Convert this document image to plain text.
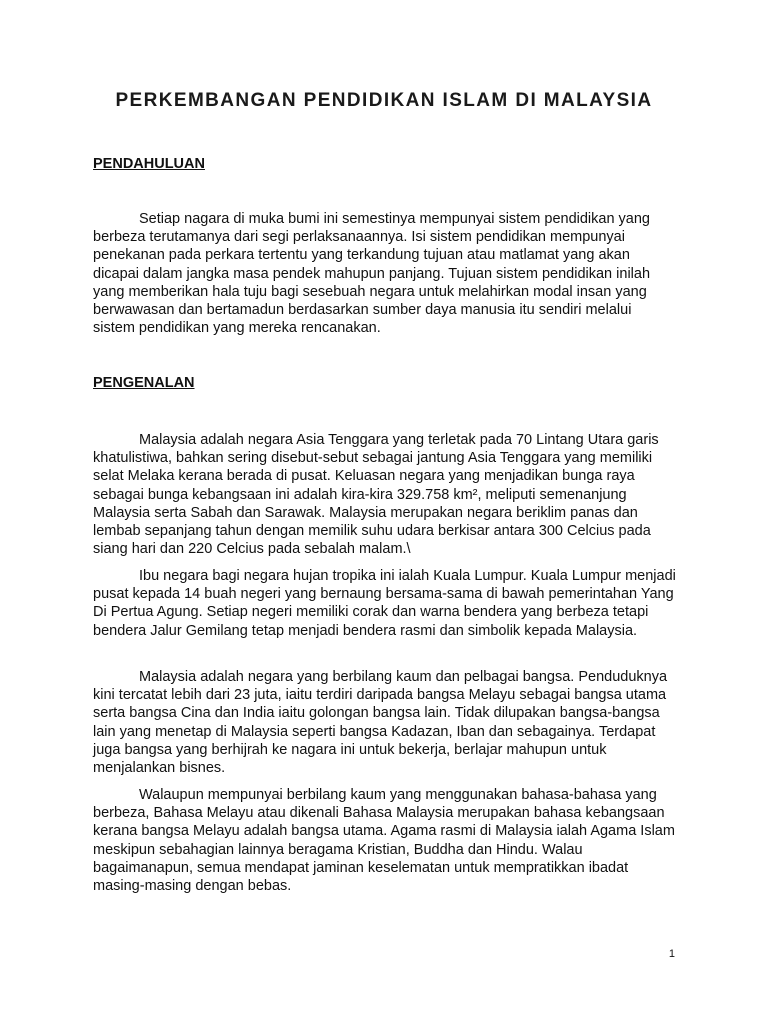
PERKEMBANGAN PENDIDIKAN ISLAM DI MALAYSIA
PENDAHULUAN

Setiap nagara di muka bumi ini semestinya mempunyai sistem pendidikan yang berbeza terutamanya dari segi perlaksanaannya. Isi sistem pendidikan mempunyai penekanan pada perkara tertentu yang terkandung tujuan atau matlamat yang akan dicapai dalam jangka masa pendek mahupun panjang. Tujuan sistem pendidikan inilah yang memberikan hala tuju bagi sesebuah negara untuk melahirkan modal insan yang berwawasan dan bertamadun berdasarkan sumber daya manusia itu sendiri melalui sistem pendidikan yang mereka rencanakan.

PENGENALAN

Malaysia adalah negara Asia Tenggara yang terletak pada 70 Lintang Utara garis khatulistiwa, bahkan sering disebut-sebut sebagai jantung Asia Tenggara yang memiliki selat Melaka kerana berada di pusat. Keluasan negara yang menjadikan bunga raya sebagai bunga kebangsaan ini adalah kira-kira 329.758 km², meliputi semenanjung Malaysia serta Sabah dan Sarawak. Malaysia merupakan negara beriklim panas dan lembab sepanjang tahun dengan memilik suhu udara berkisar antara 300 Celcius pada siang hari dan 220 Celcius pada sebalah malam.\

Ibu negara bagi negara hujan tropika ini ialah Kuala Lumpur. Kuala Lumpur menjadi pusat kepada 14 buah negeri yang bernaung bersama-sama di bawah pemerintahan Yang Di Pertua Agung. Setiap negeri memiliki corak dan warna bendera yang berbeza tetapi bendera Jalur Gemilang tetap menjadi bendera rasmi dan simbolik kepada Malaysia.

Malaysia adalah negara yang berbilang kaum dan pelbagai bangsa. Penduduknya kini tercatat lebih dari 23 juta, iaitu terdiri daripada bangsa Melayu sebagai bangsa utama serta bangsa Cina dan India iaitu golongan bangsa lain. Tidak dilupakan bangsa-bangsa lain yang menetap di Malaysia seperti bangsa Kadazan, Iban dan sebagainya. Terdapat juga bangsa yang berhijrah ke nagara ini untuk bekerja, berlajar mahupun untuk menjalankan bisnes.

Walaupun mempunyai berbilang kaum yang menggunakan bahasa-bahasa yang berbeza, Bahasa Melayu atau dikenali Bahasa Malaysia merupakan bahasa kebangsaan kerana bangsa Melayu adalah bangsa utama. Agama rasmi di Malaysia ialah Agama Islam meskipun sebahagian lainnya beragama Kristian, Buddha dan Hindu. Walau bagaimanapun, semua mendapat jaminan keselematan untuk mempratikkan ibadat masing-masing dengan bebas.

1
